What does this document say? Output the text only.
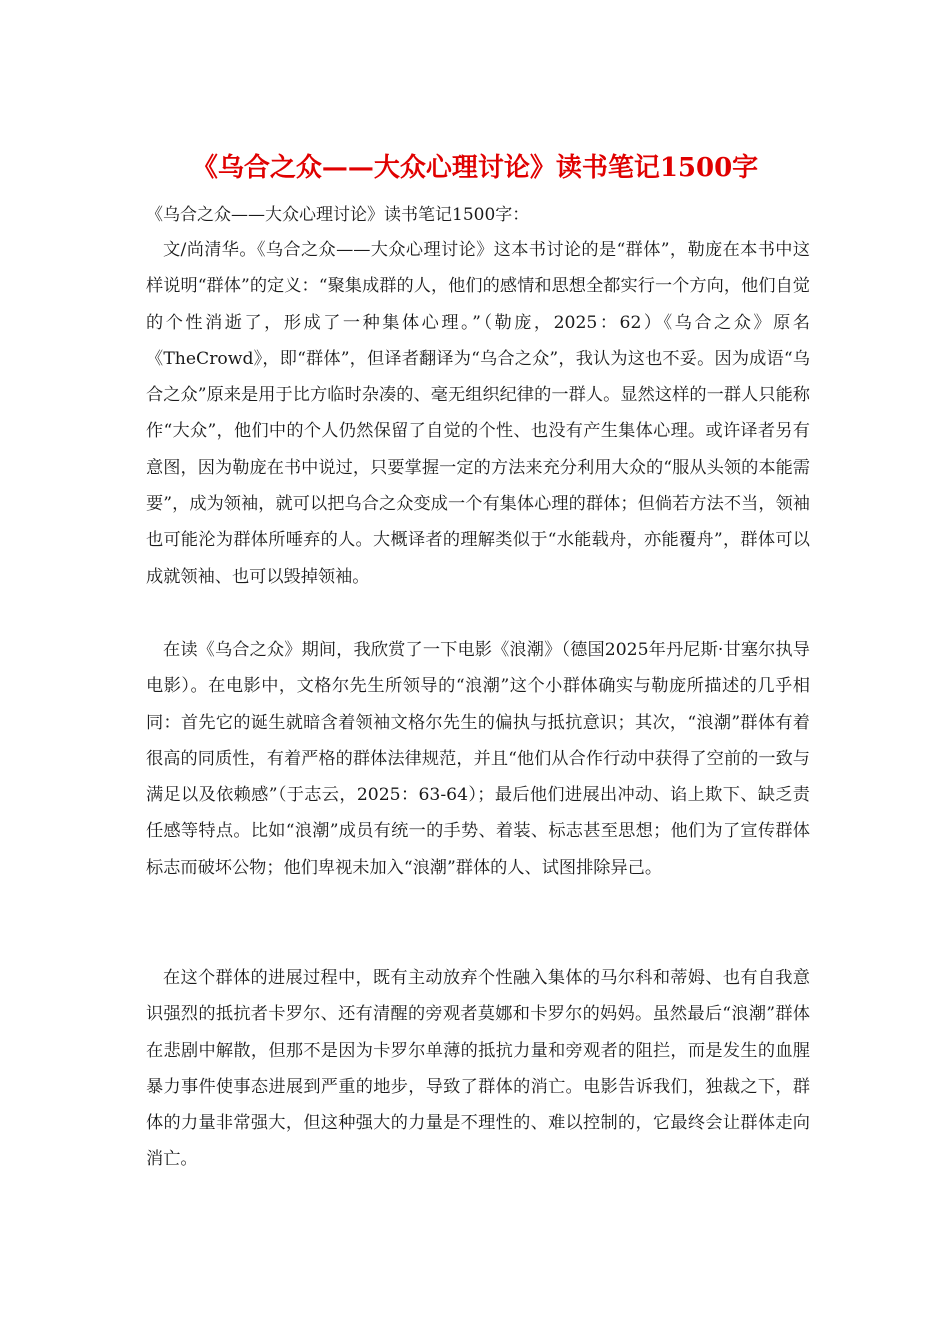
《乌合之众——大众心理讨论》读书笔记1500字
《乌合之众——大众心理讨论》读书笔记1500字：

文/尚清华。《乌合之众——大众心理讨论》这本书讨论的是“群体”，勒庞在本书中这样说明“群体”的定义：“聚集成群的人，他们的感情和思想全都实行一个方向，他们自觉的个性消逝了，形成了一种集体心理。”（勒庞，2025：62）《乌合之众》原名《TheCrowd》，即“群体”，但译者翻译为“乌合之众”，我认为这也不妥。因为成语“乌合之众”原来是用于比方临时杂凑的、毫无组织纪律的一群人。显然这样的一群人只能称作“大众”，他们中的个人仍然保留了自觉的个性、也没有产生集体心理。或许译者另有意图，因为勒庞在书中说过，只要掌握一定的方法来充分利用大众的“服从头领的本能需要”，成为领袖，就可以把乌合之众变成一个有集体心理的群体；但倘若方法不当，领袖也可能沦为群体所唾弃的人。大概译者的理解类似于“水能载舟，亦能覆舟”，群体可以成就领袖、也可以毁掉领袖。

在读《乌合之众》期间，我欣赏了一下电影《浪潮》（德国2025年丹尼斯·甘塞尔执导电影）。在电影中，文格尔先生所领导的“浪潮”这个小群体确实与勒庞所描述的几乎相同：首先它的诞生就暗含着领袖文格尔先生的偏执与抵抗意识；其次，“浪潮”群体有着很高的同质性，有着严格的群体法律规范，并且“他们从合作行动中获得了空前的一致与满足以及依赖感”（于志云，2025：63-64）；最后他们进展出冲动、谄上欺下、缺乏责任感等特点。比如“浪潮”成员有统一的手势、着装、标志甚至思想；他们为了宣传群体标志而破坏公物；他们卑视未加入“浪潮”群体的人、试图排除异己。

在这个群体的进展过程中，既有主动放弃个性融入集体的马尔科和蒂姆、也有自我意识强烈的抵抗者卡罗尔、还有清醒的旁观者莫娜和卡罗尔的妈妈。虽然最后“浪潮”群体在悲剧中解散，但那不是因为卡罗尔单薄的抵抗力量和旁观者的阻拦，而是发生的血腥暴力事件使事态进展到严重的地步，导致了群体的消亡。电影告诉我们，独裁之下，群体的力量非常强大，但这种强大的力量是不理性的、难以控制的，它最终会让群体走向消亡。
